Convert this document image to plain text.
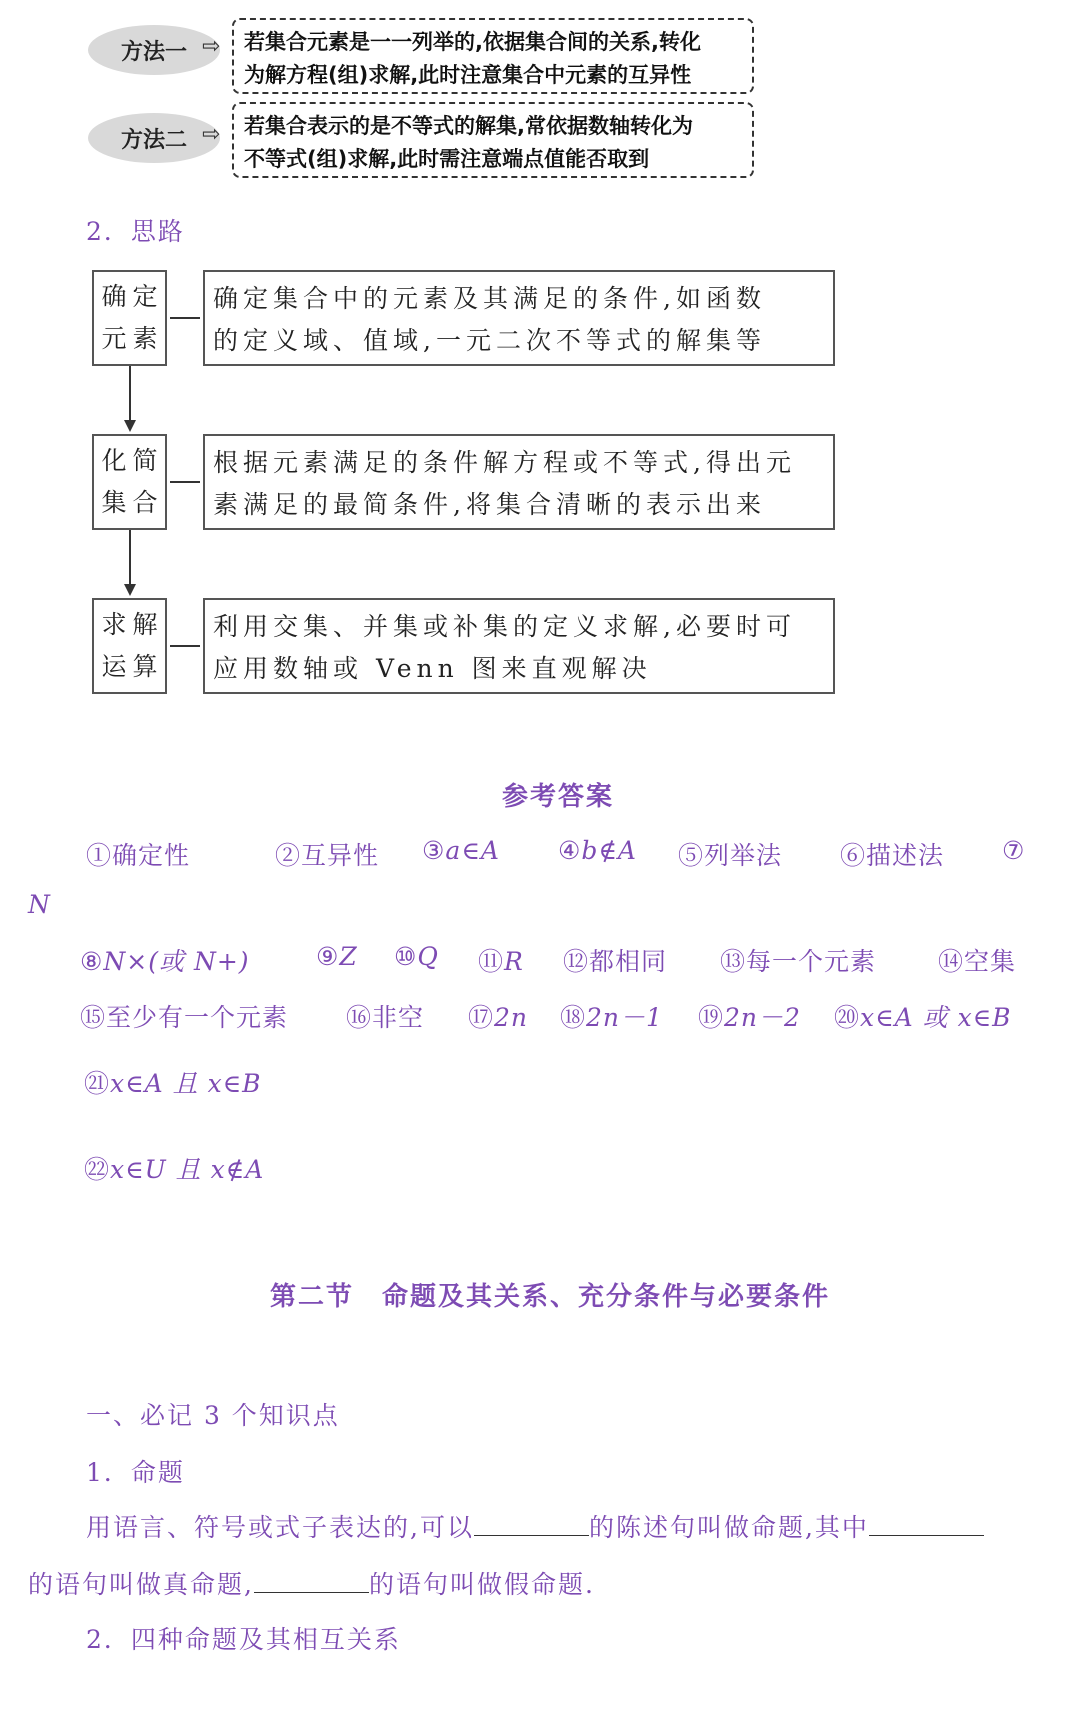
方法一 ⇨ 若集合元素是一一列举的,依据集合间的关系,转化
为解方程(组)求解,此时注意集合中元素的互异性
方法二 ⇨ 若集合表示的是不等式的解集,常依据数轴转化为
不等式(组)求解,此时需注意端点值能否取到
2．思路
确定
元素
确定集合中的元素及其满足的条件,如函数
的定义域、值域,一元二次不等式的解集等
化简
集合
根据元素满足的条件解方程或不等式,得出元
素满足的最简条件,将集合清晰的表示出来
求解
运算
利用交集、并集或补集的定义求解,必要时可
应用数轴或 Venn 图来直观解决
参考答案
①确定性	②互异性 ③a∈A ④b∉A ⑤列举法 ⑥描述法 ⑦
N
⑧N×(或 N+)	⑨Z ⑩Q ⑪R ⑫都相同 ⑬每一个元素 ⑭空集
⑮至少有一个元素 ⑯非空 ⑰2n ⑱2n－1 ⑲2n－2 ⑳x∈A 或 x∈B
㉑x∈A 且 x∈B
㉒x∈U 且 x∉A
第二节　命题及其关系、充分条件与必要条件
一、必记 3 个知识点
1．命题
用语言、符号或式子表达的,可以	的陈述句叫做命题,其中
的语句叫做真命题,	的语句叫做假命题.
2．四种命题及其相互关系
